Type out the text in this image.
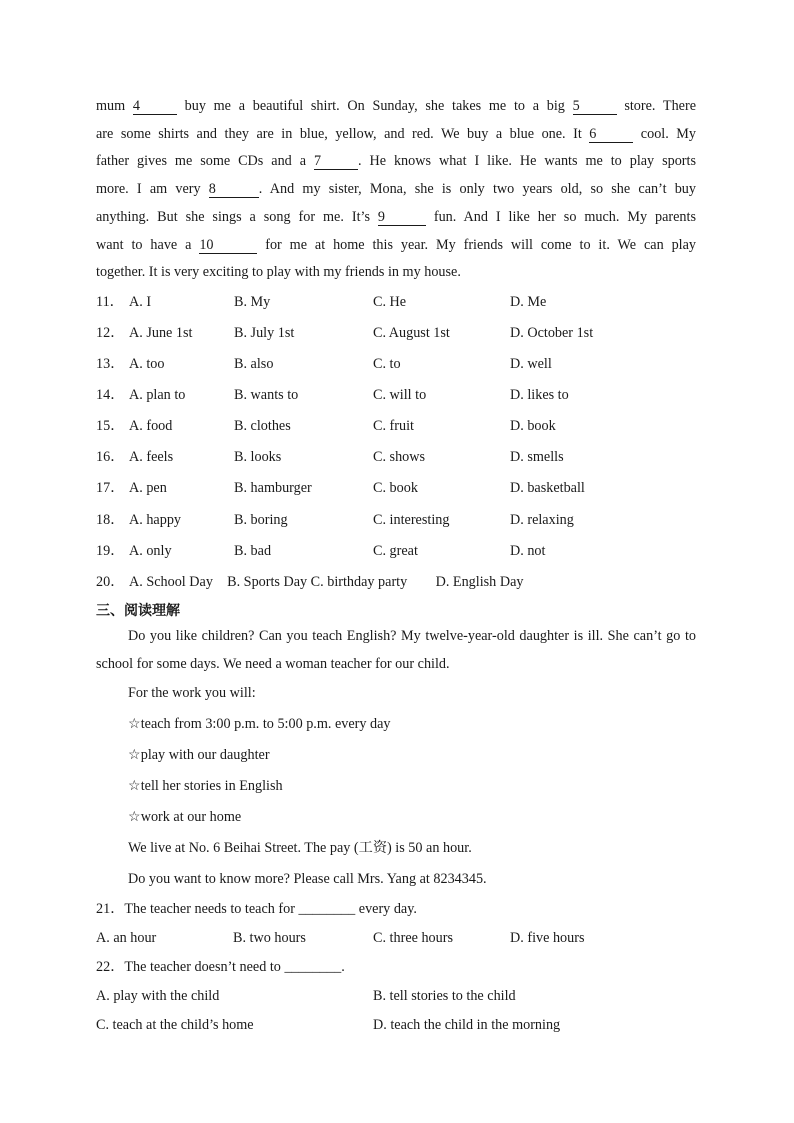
mum 4	buy me a beautiful shirt. On Sunday, she takes me to a big 5	store. There
are some shirts and they are in blue, yellow, and red. We buy a blue one. It 6	cool. My
father gives me some CDs and a 7	. He knows what I like. He wants me to play sports
more. I am very 8	. And my sister, Mona, she is only two years old, so she can’t buy
anything. But she sings a song for me. It’s 9	fun. And I like her so much. My parents
want to have a 10	for me at home this year. My friends will come to it. We can play
together. It is very exciting to play with my friends in my house.
11． A. I	B. My	C. He	D. Me
12． A. June 1st	B. July 1st	C. August 1st	D. October 1st
13． A. too	B. also	C. to	D. well
14． A. plan to	B. wants to	C. will to	D. likes to
15． A. food	B. clothes	C. fruit	D. book
16． A. feels	B. looks	C. shows	D. smells
17． A. pen	B. hamburger	C. book	D. basketball
18． A. happy	B. boring	C. interesting	D. relaxing
19． A. only	B. bad	C. great	D. not
20． A. School Day    B. Sports Day C. birthday party        D. English Day
三、阅读理解
Do you like children? Can you teach English? My twelve-year-old daughter is ill. She can’t go to school for some days. We need a woman teacher for our child.
For the work you will:
☆teach from 3:00 p.m. to 5:00 p.m. every day
☆play with our daughter
☆tell her stories in English
☆work at our home
We live at No. 6 Beihai Street. The pay (工资) is 50 an hour.
Do you want to know more? Please call Mrs. Yang at 8234345.
21．The teacher needs to teach for ________ every day.
A. an hour	B. two hours	C. three hours	D. five hours
22．The teacher doesn’t need to ________.
A. play with the child	B. tell stories to the child
C. teach at the child’s home	D. teach the child in the morning
